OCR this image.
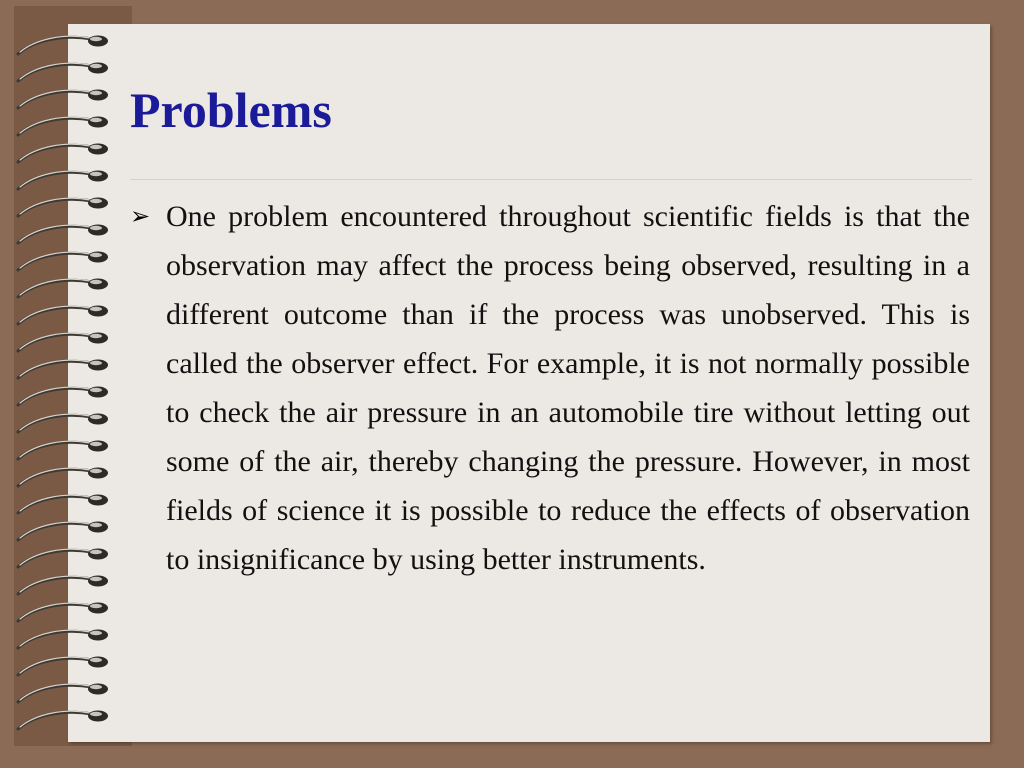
Problems
➢ One problem encountered throughout scientific fields is that the observation may affect the process being observed, resulting in a different outcome than if the process was unobserved. This is called the observer effect. For example, it is not normally possible to check the air pressure in an automobile tire without letting out some of the air, thereby changing the pressure. However, in most fields of science it is possible to reduce the effects of observation to insignificance by using better instruments.
